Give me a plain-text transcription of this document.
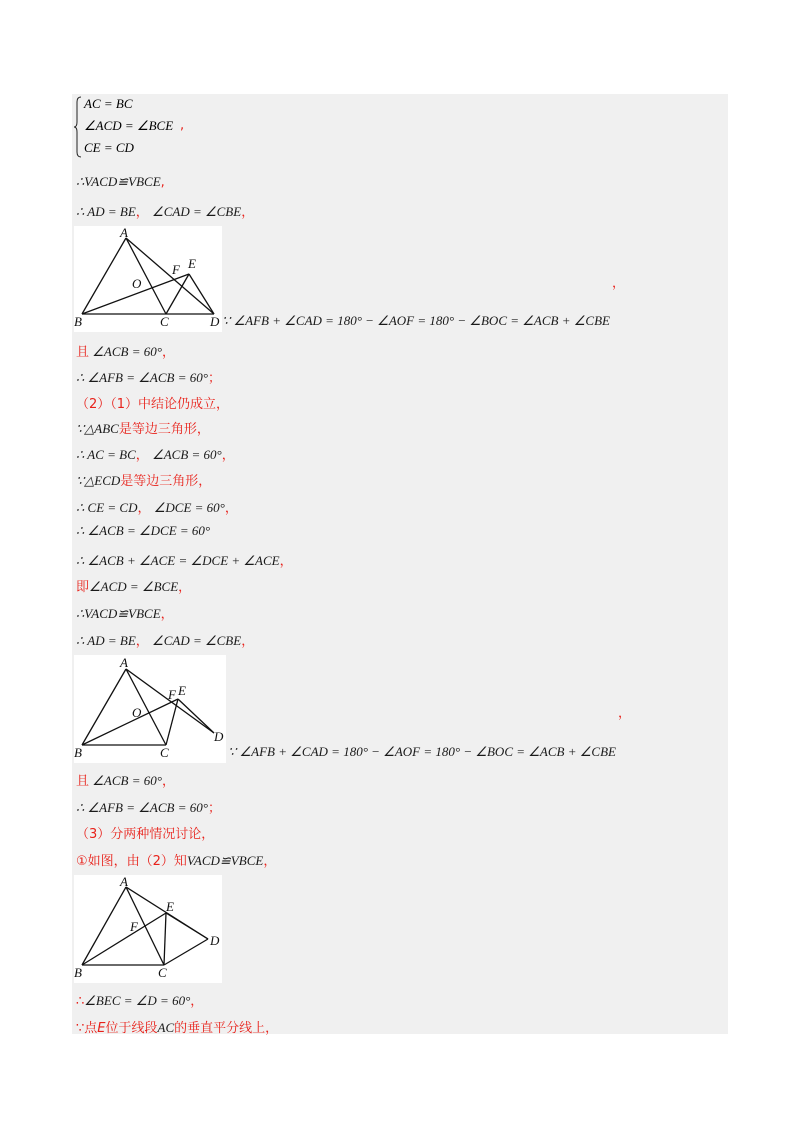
AC = BC
∠ACD = ∠BCE ,
CE = CD
∴VACD≌VBCE,
∴ AD = BE， ∠CAD = ∠CBE，
A
B	C	D
E
F
O	，
∵ ∠AFB + ∠CAD = 180° − ∠AOF = 180° − ∠BOC = ∠ACB + ∠CBE
且 ∠ACB = 60°，
∴ ∠AFB = ∠ACB = 60°；
（2）（1）中结论仍成立，
∵△ABC是等边三角形，
∴ AC = BC， ∠ACB = 60°，
∵△ECD是等边三角形，
∴ CE = CD， ∠DCE = 60°，
∴ ∠ACB = ∠DCE = 60°
∴ ∠ACB + ∠ACE = ∠DCE + ∠ACE，
即∠ACD = ∠BCE，
∴VACD≌VBCE，
∴ AD = BE， ∠CAD = ∠CBE，
A
B	C
D
E
F
O	，
∵ ∠AFB + ∠CAD = 180° − ∠AOF = 180° − ∠BOC = ∠ACB + ∠CBE
且 ∠ACB = 60°，
∴ ∠AFB = ∠ACB = 60°；
（3）分两种情况讨论，
①如图，由（2）知VACD≌VBCE，
A
B	C
D
E
F
∴∠BEC = ∠D = 60°，
∵点E位于线段AC的垂直平分线上，
